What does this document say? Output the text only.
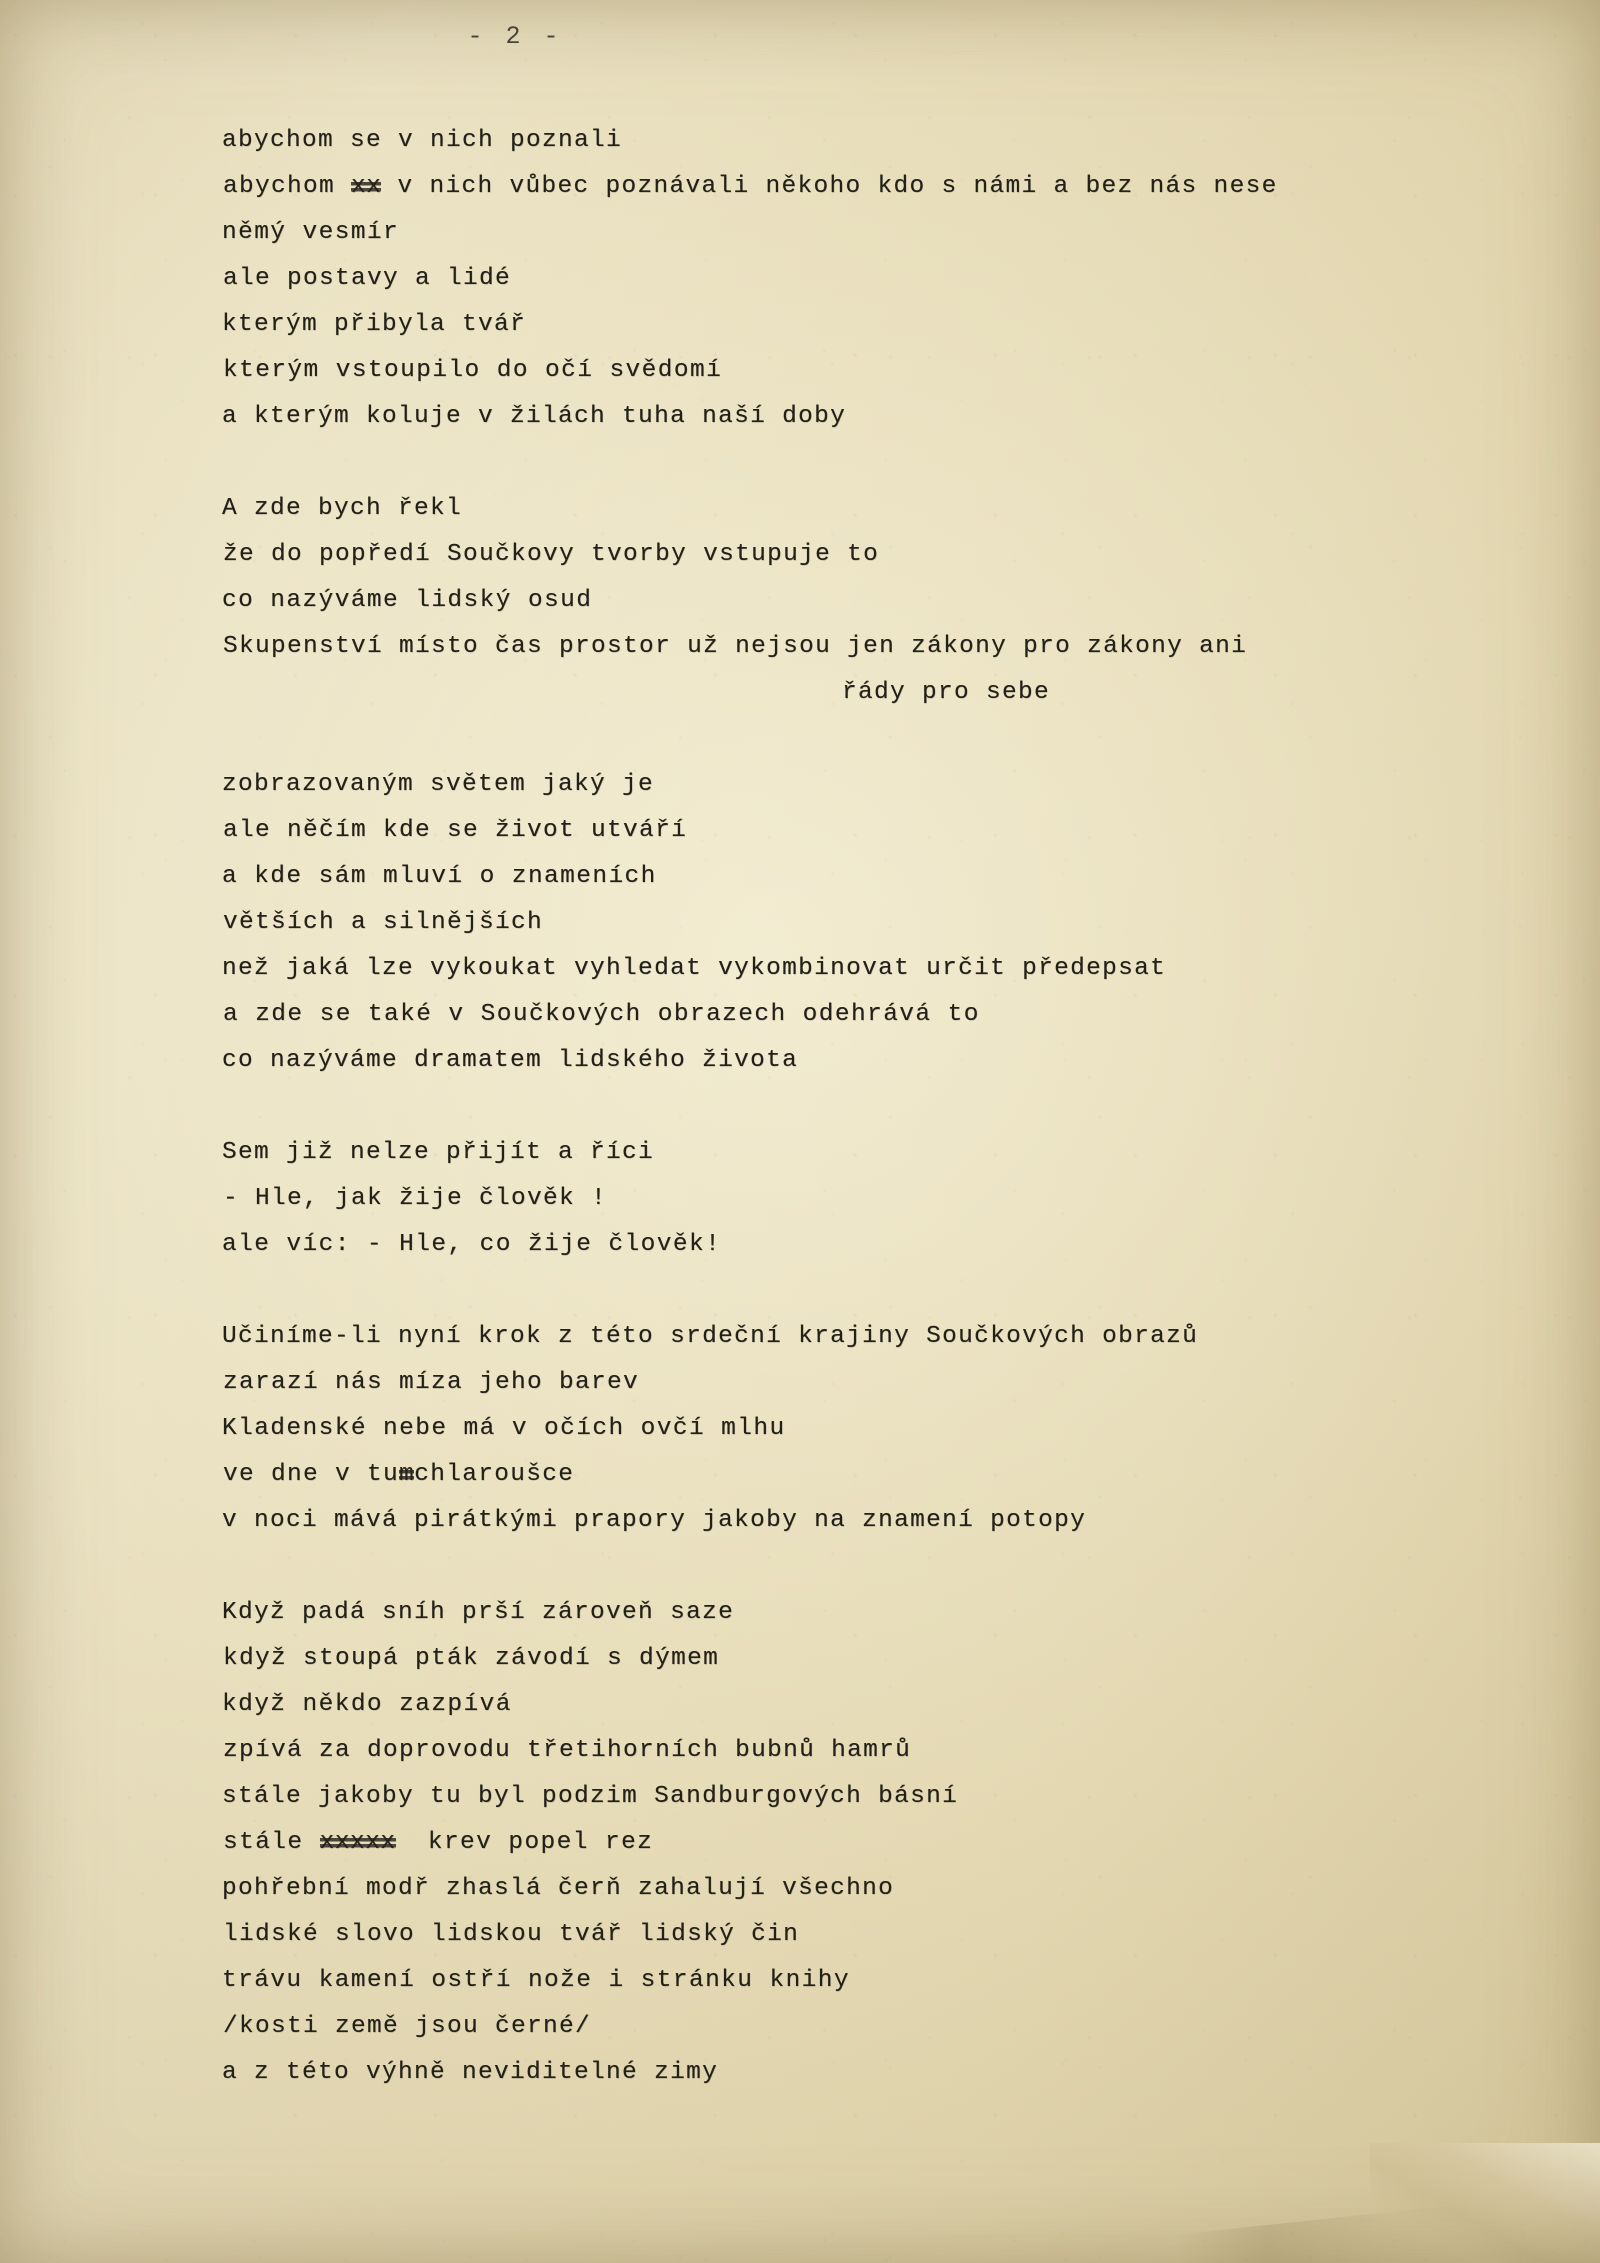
- 2 -
abychom se v nich poznali
abychom xx v nich vůbec poznávali někoho kdo s námi a bez nás nese
němý vesmír
ale postavy a lidé
kterým přibyla tvář
kterým vstoupilo do očí svědomí
a kterým koluje v žilách tuha naší doby
A zde bych řekl
že do popředí Součkovy tvorby vstupuje to
co nazýváme lidský osud
Skupenství místo čas prostor už nejsou jen zákony pro zákony ani
řády pro sebe
zobrazovaným světem jaký je
ale něčím kde se život utváří
a kde sám mluví o znameních
větších a silnějších
než jaká lze vykoukat vyhledat vykombinovat určit předepsat
a zde se také v Součkových obrazech odehrává to
co nazýváme dramatem lidského života
Sem již nelze přijít a říci
- Hle, jak žije člověk !
ale víc: - Hle, co žije člověk!
Učiníme-li nyní krok z této srdeční krajiny Součkových obrazů
zarazí nás míza jeho barev
Kladenské nebe má v očích ovčí mlhu
ve dne v tumchlaroušce
v noci mává pirátkými prapory jakoby na znamení potopy
Když padá sníh prší zároveň saze
když stoupá pták závodí s dýmem
když někdo zazpívá
zpívá za doprovodu třetihorních bubnů hamrů
stále jakoby tu byl podzim Sandburgových básní
stále xxxxx  krev popel rez
pohřební modř zhaslá čerň zahalují všechno
lidské slovo lidskou tvář lidský čin
trávu kamení ostří nože i stránku knihy
/kosti země jsou černé/
a z této výhně neviditelné zimy
